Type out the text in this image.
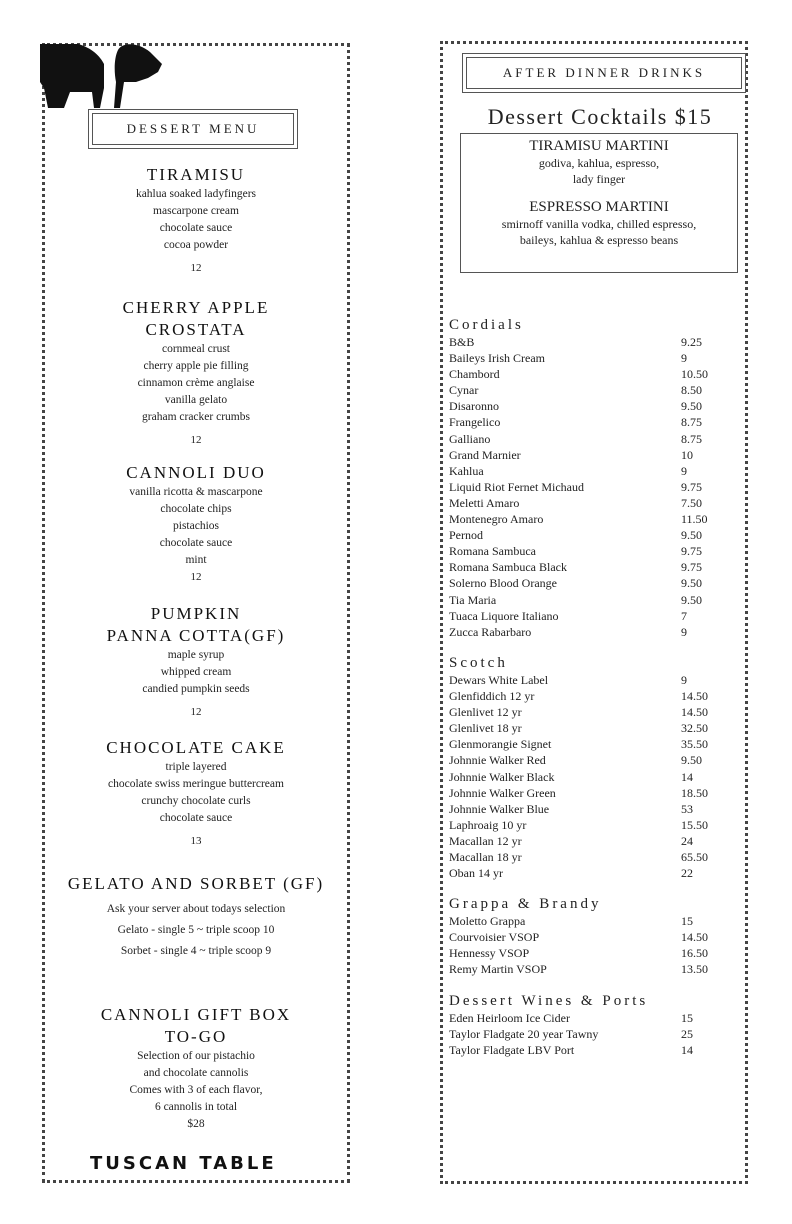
DESSERT MENU
TIRAMISU
kahlua soaked ladyfingers
mascarpone cream
chocolate sauce
cocoa powder
12
CHERRY APPLE
CROSTATA
cornmeal crust
cherry apple pie filling
cinnamon crème anglaise
vanilla gelato
graham cracker crumbs
12
CANNOLI DUO
vanilla ricotta & mascarpone
chocolate chips
pistachios
chocolate sauce
mint
12
PUMPKIN
PANNA COTTA(GF)
maple syrup
whipped cream
candied pumpkin seeds
12
CHOCOLATE CAKE
triple layered
chocolate swiss meringue buttercream
crunchy chocolate curls
chocolate sauce
13
GELATO AND SORBET (GF)
Ask your server about todays selection
Gelato - single 5 ~ triple scoop 10
Sorbet - single 4 ~ triple scoop 9
CANNOLI GIFT BOX
TO-GO
Selection of our pistachio
and chocolate cannolis
Comes with 3 of each flavor,
6 cannolis in total
$28
TUSCAN TABLE
AFTER DINNER DRINKS
Dessert Cocktails $15
TIRAMISU MARTINI
godiva, kahlua, espresso,
lady finger
ESPRESSO MARTINI
smirnoff vanilla vodka, chilled espresso,
baileys, kahlua & espresso beans
Cordials
B&B	9.25
Baileys Irish Cream	9
Chambord	10.50
Cynar	8.50
Disaronno	9.50
Frangelico	8.75
Galliano	8.75
Grand Marnier	10
Kahlua	9
Liquid Riot Fernet Michaud	9.75
Meletti Amaro	7.50
Montenegro Amaro	11.50
Pernod	9.50
Romana Sambuca	9.75
Romana Sambuca Black	9.75
Solerno Blood Orange	9.50
Tia Maria	9.50
Tuaca Liquore Italiano	7
Zucca Rabarbaro	9
Scotch
Dewars White Label	9
Glenfiddich 12 yr	14.50
Glenlivet 12 yr	14.50
Glenlivet 18 yr	32.50
Glenmorangie Signet	35.50
Johnnie Walker Red	9.50
Johnnie Walker Black	14
Johnnie Walker Green	18.50
Johnnie Walker Blue	53
Laphroaig 10 yr	15.50
Macallan 12 yr	24
Macallan 18 yr	65.50
Oban 14 yr	22
Grappa & Brandy
Moletto Grappa	15
Courvoisier VSOP	14.50
Hennessy VSOP	16.50
Remy Martin VSOP	13.50
Dessert Wines & Ports
Eden Heirloom Ice Cider	15
Taylor Fladgate 20 year Tawny	25
Taylor Fladgate LBV Port	14
